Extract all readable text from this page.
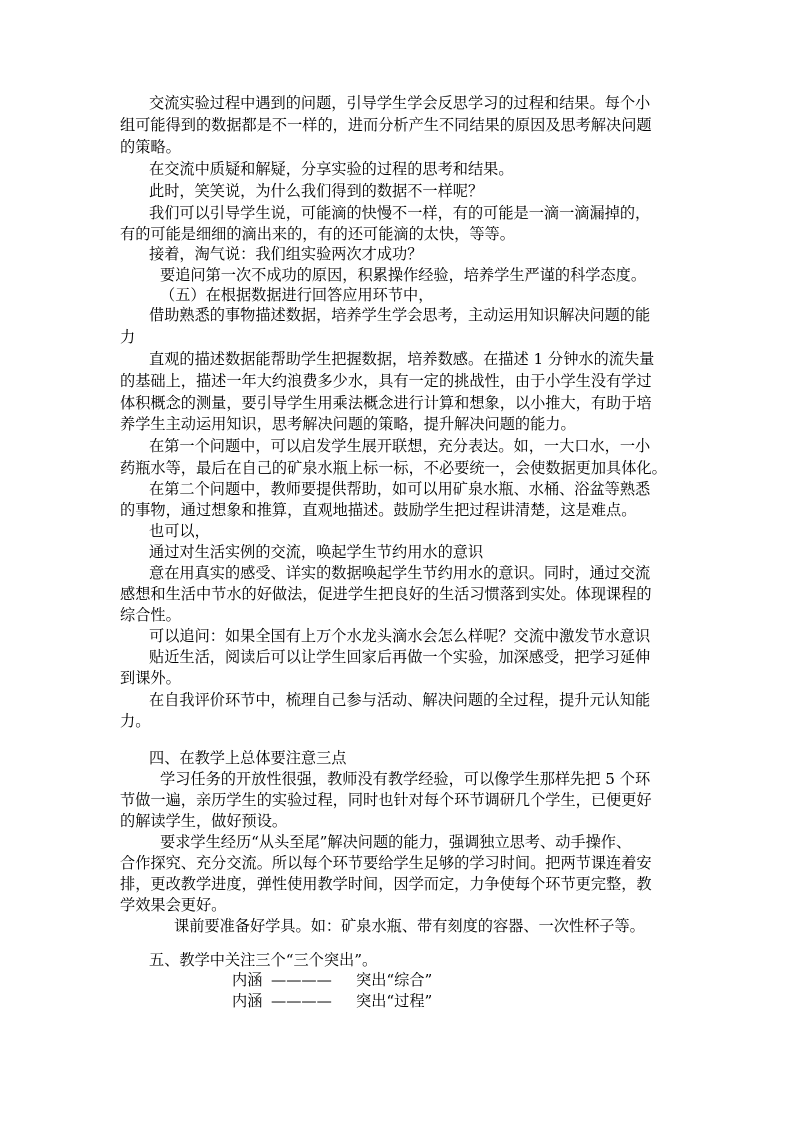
交流实验过程中遇到的问题，引导学生学会反思学习的过程和结果。每个小
组可能得到的数据都是不一样的，进而分析产生不同结果的原因及思考解决问题
的策略。
在交流中质疑和解疑，分享实验的过程的思考和结果。
此时，笑笑说，为什么我们得到的数据不一样呢？
我们可以引导学生说，可能滴的快慢不一样，有的可能是一滴一滴漏掉的，
有的可能是细细的滴出来的，有的还可能滴的太快，等等。
接着，淘气说：我们组实验两次才成功？
要追问第一次不成功的原因，积累操作经验，培养学生严谨的科学态度。
（五）在根据数据进行回答应用环节中，
借助熟悉的事物描述数据，培养学生学会思考，主动运用知识解决问题的能
力
直观的描述数据能帮助学生把握数据，培养数感。在描述 1 分钟水的流失量
的基础上，描述一年大约浪费多少水，具有一定的挑战性，由于小学生没有学过
体积概念的测量，要引导学生用乘法概念进行计算和想象，以小推大，有助于培
养学生主动运用知识，思考解决问题的策略，提升解决问题的能力。
在第一个问题中，可以启发学生展开联想，充分表达。如，一大口水，一小
药瓶水等，最后在自己的矿泉水瓶上标一标，不必要统一，会使数据更加具体化。
在第二个问题中，教师要提供帮助，如可以用矿泉水瓶、水桶、浴盆等熟悉
的事物，通过想象和推算，直观地描述。鼓励学生把过程讲清楚，这是难点。
也可以，
通过对生活实例的交流，唤起学生节约用水的意识
意在用真实的感受、详实的数据唤起学生节约用水的意识。同时，通过交流
感想和生活中节水的好做法，促进学生把良好的生活习惯落到实处。体现课程的
综合性。
可以追问：如果全国有上万个水龙头滴水会怎么样呢？交流中激发节水意识
贴近生活，阅读后可以让学生回家后再做一个实验，加深感受，把学习延伸
到课外。
在自我评价环节中，梳理自己参与活动、解决问题的全过程，提升元认知能
力。
四、在教学上总体要注意三点
学习任务的开放性很强，教师没有教学经验，可以像学生那样先把 5 个环
节做一遍，亲历学生的实验过程，同时也针对每个环节调研几个学生，已便更好
的解读学生，做好预设。
要求学生经历“从头至尾”解决问题的能力，强调独立思考、动手操作、
合作探究、充分交流。所以每个环节要给学生足够的学习时间。把两节课连着安
排，更改教学进度，弹性使用教学时间，因学而定，力争使每个环节更完整，教
学效果会更好。
课前要准备好学具。如：矿泉水瓶、带有刻度的容器、一次性杯子等。
五、教学中关注三个“三个突出”。
内涵 ———— 突出“综合”
内涵 ———— 突出“过程”
